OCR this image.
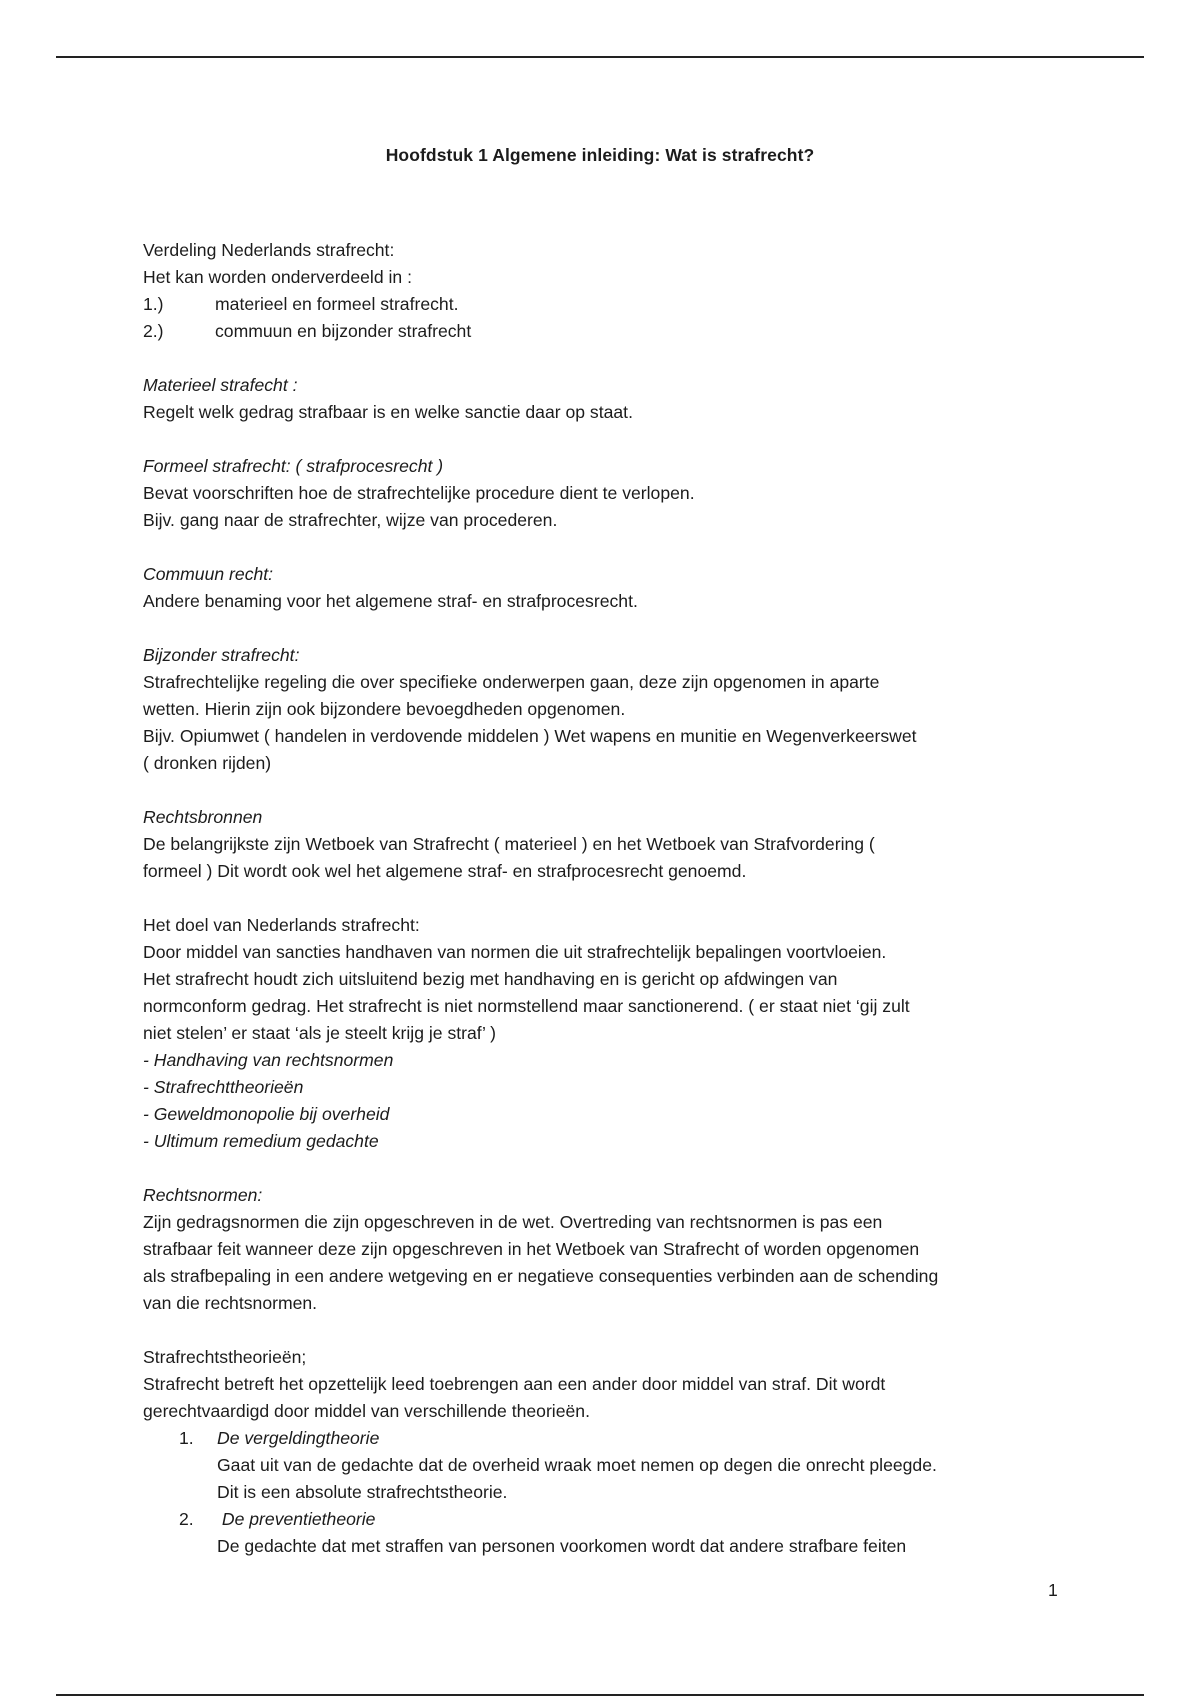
Hoofdstuk 1 Algemene inleiding: Wat is strafrecht?
Verdeling Nederlands strafrecht:
Het kan worden onderverdeeld in :
1.)	materieel en formeel strafrecht.
2.)	commuun en bijzonder strafrecht
Materieel strafecht :
Regelt welk gedrag strafbaar is en welke sanctie daar op staat.
Formeel strafrecht: ( strafprocesrecht )
Bevat voorschriften hoe de strafrechtelijke procedure dient te verlopen.
Bijv. gang naar de strafrechter, wijze van procederen.
Commuun recht:
Andere benaming voor het algemene straf- en strafprocesrecht.
Bijzonder strafrecht:
Strafrechtelijke regeling die over specifieke onderwerpen gaan, deze zijn opgenomen in aparte
wetten. Hierin zijn ook bijzondere bevoegdheden opgenomen.
Bijv. Opiumwet ( handelen in verdovende middelen ) Wet wapens en munitie en Wegenverkeerswet
( dronken rijden)
Rechtsbronnen
De belangrijkste zijn Wetboek van Strafrecht ( materieel ) en het Wetboek van Strafvordering (
formeel ) Dit wordt ook wel het algemene straf- en strafprocesrecht genoemd.
Het doel van Nederlands strafrecht:
Door middel van sancties handhaven van normen die uit strafrechtelijk bepalingen voortvloeien.
Het strafrecht houdt zich uitsluitend bezig met handhaving en is gericht op afdwingen van
normconform gedrag. Het strafrecht is niet normstellend maar sanctionerend. ( er staat niet ‘gij zult
niet stelen’ er staat ‘als je steelt krijg je straf’ )
- Handhaving van rechtsnormen
- Strafrechttheorieën
- Geweldmonopolie bij overheid
- Ultimum remedium gedachte
Rechtsnormen:
Zijn gedragsnormen die zijn opgeschreven in de wet. Overtreding van rechtsnormen is pas een
strafbaar feit wanneer deze zijn opgeschreven in het Wetboek van Strafrecht of worden opgenomen
als strafbepaling in een andere wetgeving en er negatieve consequenties verbinden aan de schending
van die rechtsnormen.
Strafrechtstheorieën;
Strafrecht betreft het opzettelijk leed toebrengen aan een ander door middel van straf. Dit wordt
gerechtvaardigd door middel van verschillende theorieën.
1. De vergeldingtheorie
Gaat uit van de gedachte dat de overheid wraak moet nemen op degen die onrecht pleegde.
Dit is een absolute strafrechtstheorie.
2. De preventietheorie
De gedachte dat met straffen van personen voorkomen wordt dat andere strafbare feiten
1
